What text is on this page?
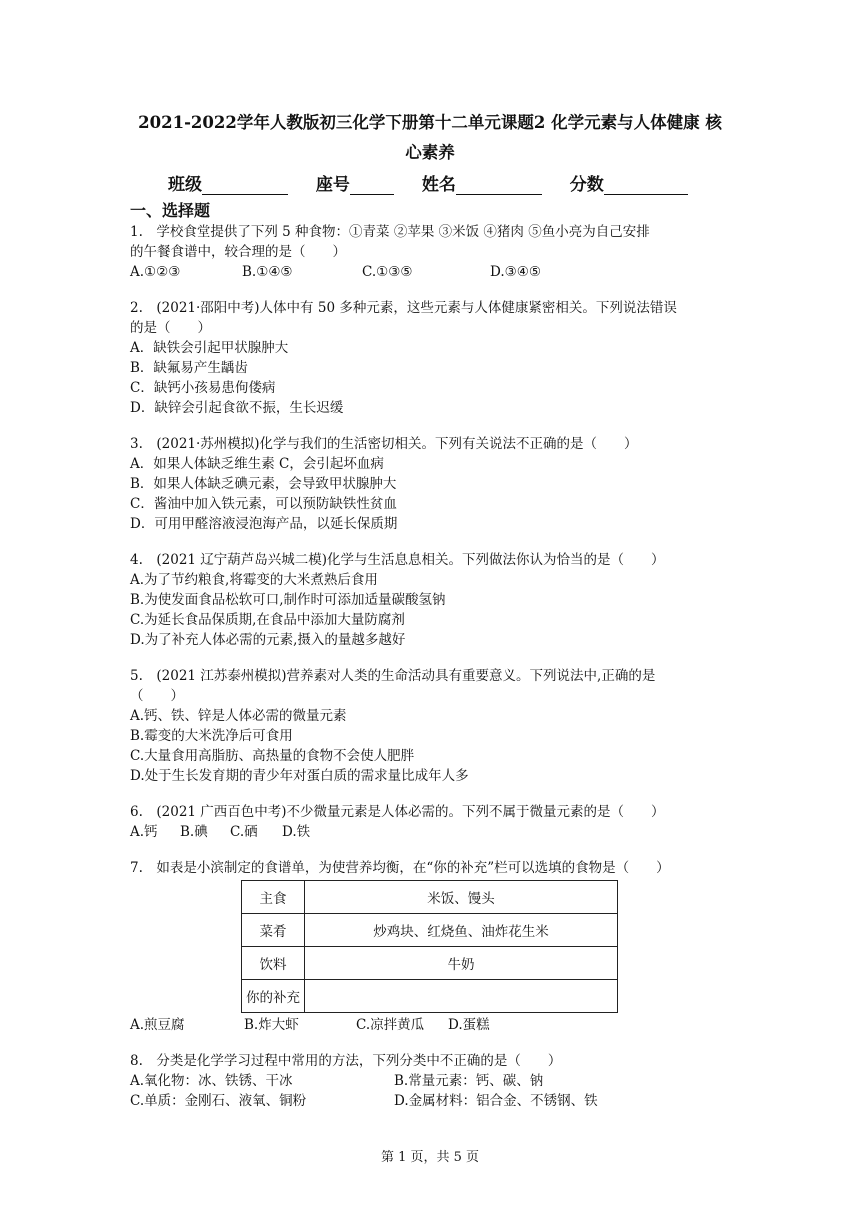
2021-2022学年人教版初三化学下册第十二单元课题2 化学元素与人体健康 核
心素养
班级	座号	姓名	分数
一、选择题
1.　学校食堂提供了下列 5 种食物：①青菜 ②苹果 ③米饭 ④猪肉 ⑤鱼小亮为自己安排
的午餐食谱中，较合理的是（　　）
A.①②③	B.①④⑤	C.①③⑤	D.③④⑤
2.　(2021·邵阳中考)人体中有 50 多种元素，这些元素与人体健康紧密相关。下列说法错误
的是（　　）
A．缺铁会引起甲状腺肿大
B．缺氟易产生龋齿
C．缺钙小孩易患佝偻病
D．缺锌会引起食欲不振，生长迟缓
3.　(2021·苏州模拟)化学与我们的生活密切相关。下列有关说法不正确的是（　　）
A．如果人体缺乏维生素 C，会引起坏血病
B．如果人体缺乏碘元素，会导致甲状腺肿大
C．酱油中加入铁元素，可以预防缺铁性贫血
D．可用甲醛溶液浸泡海产品，以延长保质期
4.　(2021 辽宁葫芦岛兴城二模)化学与生活息息相关。下列做法你认为恰当的是（　　）
A.为了节约粮食,将霉变的大米煮熟后食用
B.为使发面食品松软可口,制作时可添加适量碳酸氢钠
C.为延长食品保质期,在食品中添加大量防腐剂
D.为了补充人体必需的元素,摄入的量越多越好
5.　(2021 江苏泰州模拟)营养素对人类的生命活动具有重要意义。下列说法中,正确的是
（　　）
A.钙、铁、锌是人体必需的微量元素
B.霉变的大米洗净后可食用
C.大量食用高脂肪、高热量的食物不会使人肥胖
D.处于生长发育期的青少年对蛋白质的需求量比成年人多
6.　(2021 广西百色中考)不少微量元素是人体必需的。下列不属于微量元素的是（　　）
A.钙 B.碘 C.硒 D.铁
7.　如表是小滨制定的食谱单，为使营养均衡，在“你的补充”栏可以选填的食物是（　　）
主食	米饭、馒头
菜肴	炒鸡块、红烧鱼、油炸花生米
饮料	牛奶
你的补充	
A.煎豆腐	B.炸大虾	C.凉拌黄瓜 D.蛋糕
8.　分类是化学学习过程中常用的方法，下列分类中不正确的是（　　）
A.氧化物：冰、铁锈、干冰	B.常量元素：钙、碳、钠
C.单质：金刚石、液氧、铜粉	D.金属材料：铝合金、不锈钢、铁
第 1 页，共 5 页
